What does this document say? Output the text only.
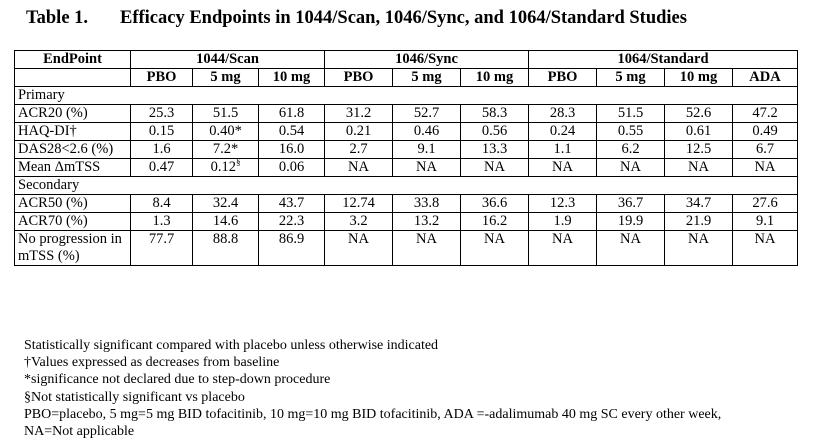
Table 1. Efficacy Endpoints in 1044/Scan, 1046/Sync, and 1064/Standard Studies
EndPoint	1044/Scan			1046/Sync			1064/Standard			
	PBO	5 mg	10 mg	PBO	5 mg	10 mg	PBO	5 mg	10 mg	ADA
Primary										
ACR20 (%)	25.3	51.5	61.8	31.2	52.7	58.3	28.3	51.5	52.6	47.2
HAQ-DI†	0.15	0.40*	0.54	0.21	0.46	0.56	0.24	0.55	0.61	0.49
DAS28<2.6 (%)	1.6	7.2*	16.0	2.7	9.1	13.3	1.1	6.2	12.5	6.7
Mean ΔmTSS	0.47	0.12§	0.06	NA	NA	NA	NA	NA	NA	NA
Secondary										
ACR50 (%)	8.4	32.4	43.7	12.74	33.8	36.6	12.3	36.7	34.7	27.6
ACR70 (%)	1.3	14.6	22.3	3.2	13.2	16.2	1.9	19.9	21.9	9.1
No progression in mTSS (%)	77.7	88.8	86.9	NA	NA	NA	NA	NA	NA	NA
Statistically significant compared with placebo unless otherwise indicated
†Values expressed as decreases from baseline
*significance not declared due to step-down procedure
§Not statistically significant vs placebo
PBO=placebo, 5 mg=5 mg BID tofacitinib, 10 mg=10 mg BID tofacitinib, ADA =-adalimumab 40 mg SC every other week,
NA=Not applicable
